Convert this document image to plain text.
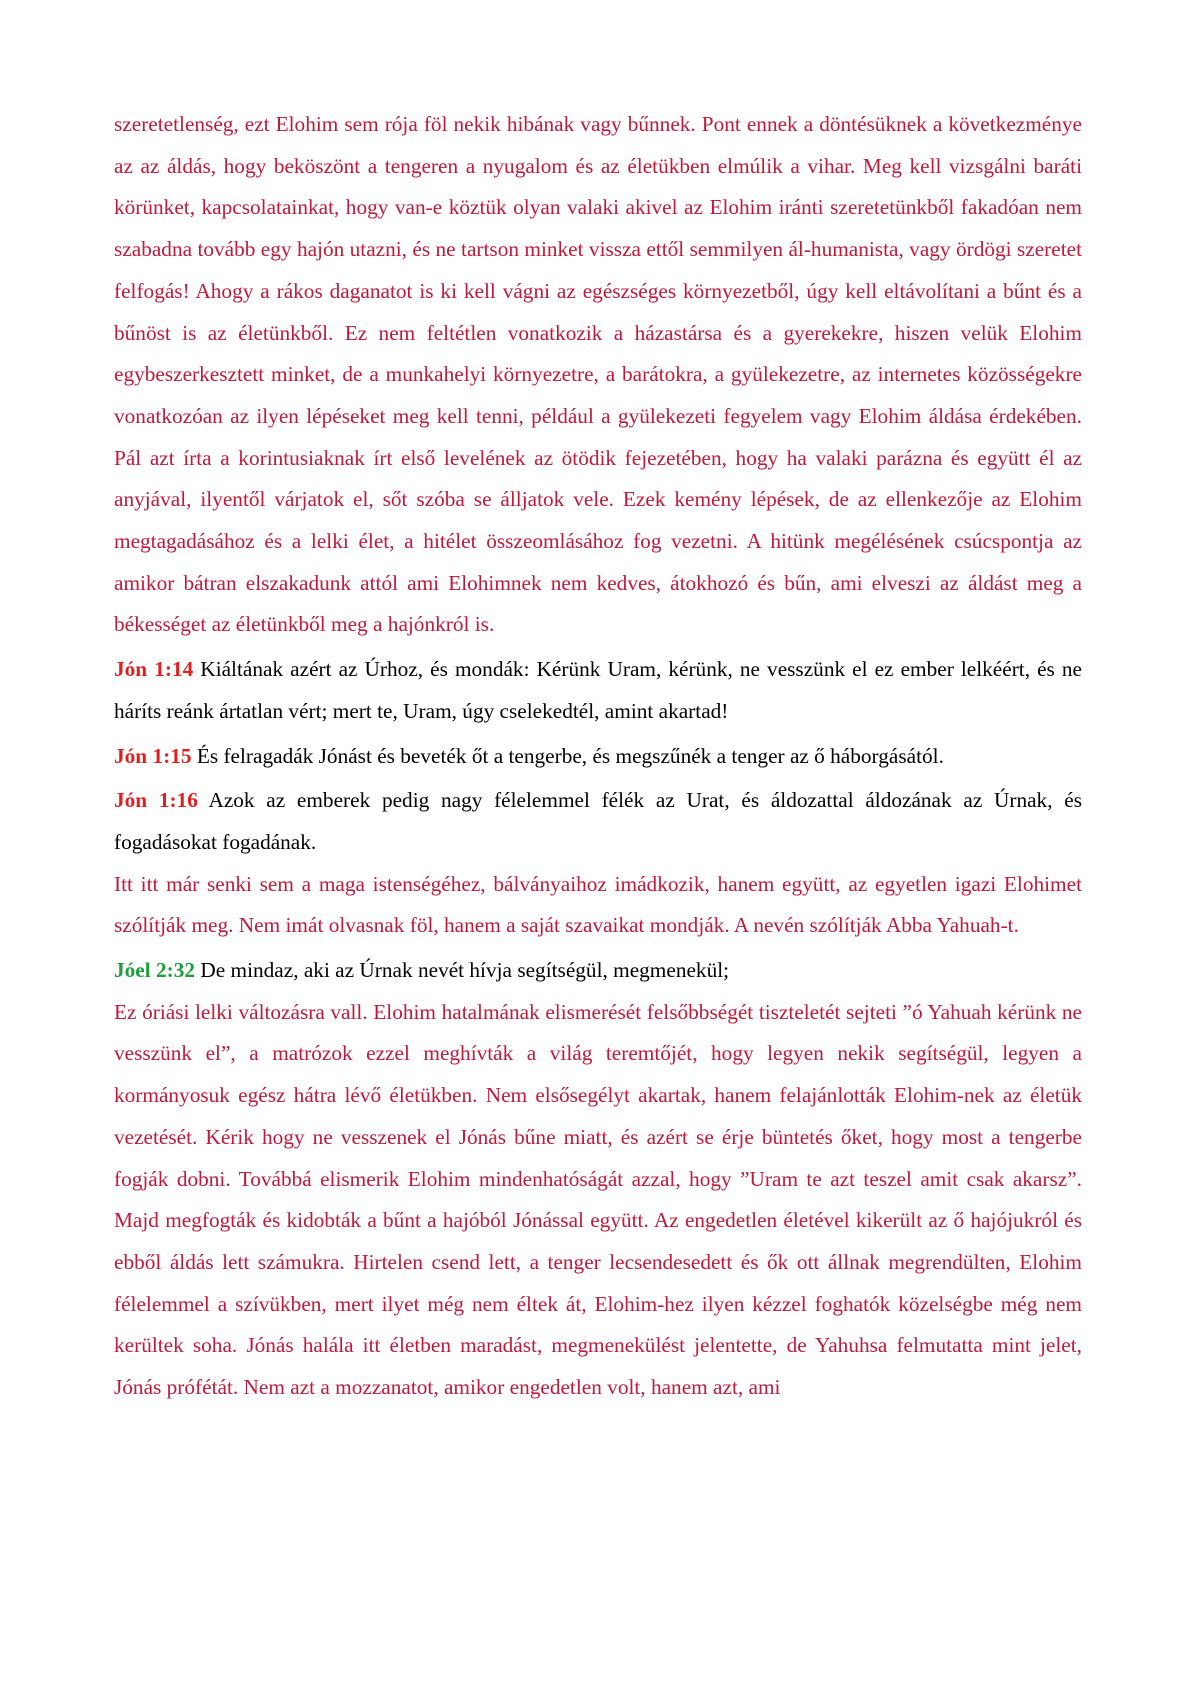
szeretetlenség, ezt Elohim sem rója föl nekik hibának vagy bűnnek. Pont ennek a döntésüknek a következménye az az áldás, hogy beköszönt a tengeren a nyugalom és az életükben elmúlik a vihar. Meg kell vizsgálni baráti körünket, kapcsolatainkat, hogy van-e köztük olyan valaki akivel az Elohim iránti szeretetünkből fakadóan nem szabadna tovább egy hajón utazni, és ne tartson minket vissza ettől semmilyen ál-humanista, vagy ördögi szeretet felfogás! Ahogy a rákos daganatot is ki kell vágni az egészséges környezetből, úgy kell eltávolítani a bűnt és a bűnöst is az életünkből. Ez nem feltétlen vonatkozik a házastársa és a gyerekekre, hiszen velük Elohim egybeszerkesztett minket, de a munkahelyi környezetre, a barátokra, a gyülekezetre, az internetes közösségekre vonatkozóan az ilyen lépéseket meg kell tenni, például a gyülekezeti fegyelem vagy Elohim áldása érdekében. Pál azt írta a korintusiaknak írt első levelének az ötödik fejezetében, hogy ha valaki parázna és együtt él az anyjával, ilyentől várjatok el, sőt szóba se álljatok vele. Ezek kemény lépések, de az ellenkezője az Elohim megtagadásához és a lelki élet, a hitélet összeomlásához fog vezetni. A hitünk megélésének csúcspontja az amikor bátran elszakadunk attól ami Elohimnek nem kedves, átokhozó és bűn, ami elveszi az áldást meg a békességet az életünkből meg a hajónkról is.

Jón 1:14 Kiáltának azért az Úrhoz, és mondák: Kérünk Uram, kérünk, ne vesszünk el ez ember lelkéért, és ne háríts reánk ártatlan vért; mert te, Uram, úgy cselekedtél, amint akartad!

Jón 1:15 És felragadák Jónást és beveték őt a tengerbe, és megszűnék a tenger az ő háborgásától.

Jón 1:16 Azok az emberek pedig nagy félelemmel félék az Urat, és áldozattal áldozának az Úrnak, és fogadásokat fogadának.

Itt itt már senki sem a maga istenségéhez, bálványaihoz imádkozik, hanem együtt, az egyetlen igazi Elohimet szólítják meg. Nem imát olvasnak föl, hanem a saját szavaikat mondják. A nevén szólítják Abba Yahuah-t.

Jóel 2:32 De mindaz, aki az Úrnak nevét hívja segítségül, megmenekül;

Ez óriási lelki változásra vall. Elohim hatalmának elismerését felsőbbségét tiszteletét sejteti ”ó Yahuah kérünk ne vesszünk el”, a matrózok ezzel meghívták a világ teremtőjét, hogy legyen nekik segítségül, legyen a kormányosuk egész hátra lévő életükben. Nem elsősegélyt akartak, hanem felajánlották Elohim-nek az életük vezetését. Kérik hogy ne vesszenek el Jónás bűne miatt, és azért se érje büntetés őket, hogy most a tengerbe fogják dobni. Továbbá elismerik Elohim mindenhatóságát azzal, hogy ”Uram te azt teszel amit csak akarsz”. Majd megfogták és kidobták a bűnt a hajóból Jónással együtt. Az engedetlen életével kikerült az ő hajójukról és ebből áldás lett számukra. Hirtelen csend lett, a tenger lecsendesedett és ők ott állnak megrendülten, Elohim félelemmel a szívükben, mert ilyet még nem éltek át, Elohim-hez ilyen kézzel foghatók közelségbe még nem kerültek soha. Jónás halála itt életben maradást, megmenekülést jelentette, de Yahuhsa felmutatta mint jelet, Jónás prófétát. Nem azt a mozzanatot, amikor engedetlen volt, hanem azt, ami
